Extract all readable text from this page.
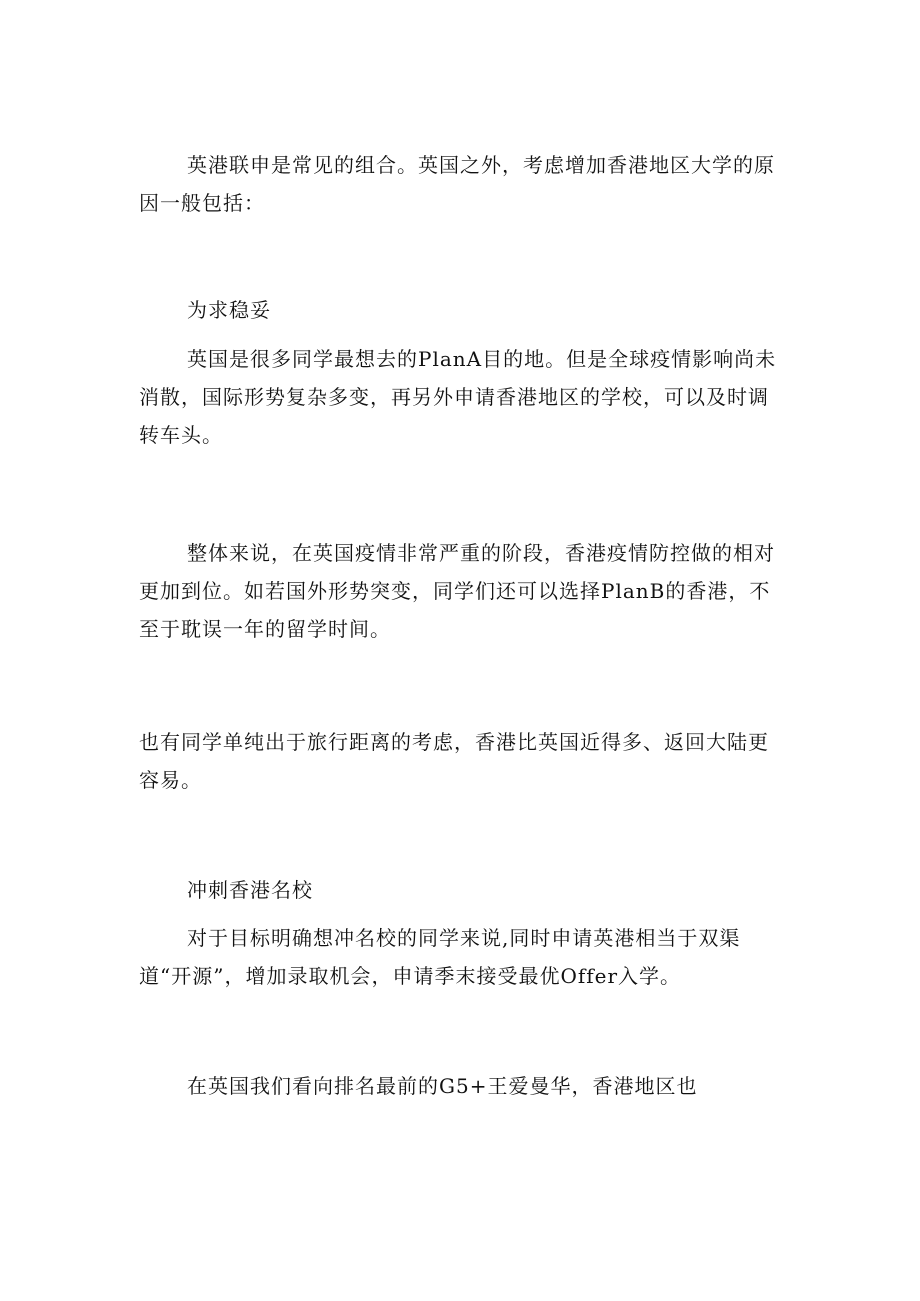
英港联申是常见的组合。英国之外，考虑增加香港地区大学的原因一般包括：

为求稳妥

英国是很多同学最想去的PlanA目的地。但是全球疫情影响尚未消散，国际形势复杂多变，再另外申请香港地区的学校，可以及时调转车头。

整体来说，在英国疫情非常严重的阶段，香港疫情防控做的相对更加到位。如若国外形势突变，同学们还可以选择PlanB的香港，不至于耽误一年的留学时间。

也有同学单纯出于旅行距离的考虑，香港比英国近得多、返回大陆更容易。

冲刺香港名校

对于目标明确想冲名校的同学来说,同时申请英港相当于双渠道“开源”，增加录取机会，申请季末接受最优Offer入学。

在英国我们看向排名最前的G5+王爱曼华，香港地区也
